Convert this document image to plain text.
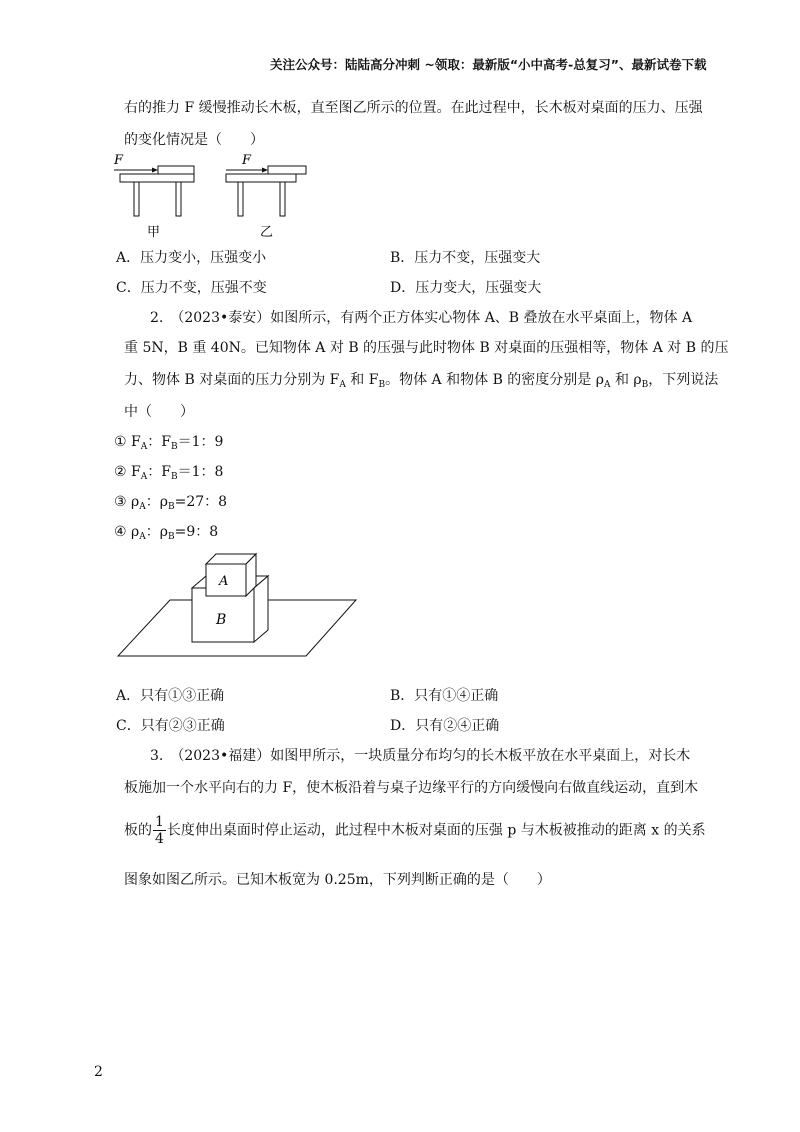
关注公众号：陆陆高分冲刺 ~领取：最新版“小中高考-总复习”、最新试卷下载
右的推力 F 缓慢推动长木板，直至图乙所示的位置。在此过程中，长木板对桌面的压力、压强
的变化情况是（　　）
F
甲
F
乙
A．压力变小，压强变小	B．压力不变，压强变大
C．压力不变，压强不变	D．压力变大，压强变大
2.　（2023•泰安）如图所示，有两个正方体实心物体 A、B 叠放在水平桌面上，物体 A
重 5N，B 重 40N。已知物体 A 对 B 的压强与此时物体 B 对桌面的压强相等，物体 A 对 B 的压
力、物体 B 对桌面的压力分别为 $F_A$ 和 $F_B$。物体 A 和物体 B 的密度分别是 $\rho_A$ 和 $\rho_B$，下列说法
中（　　）
① $F_A$：$F_B=1$：9
② $F_A$：$F_B=1$：8
③ $\rho_A$：$\rho_B=27$：8
④ $\rho_A$：$\rho_B=9$：8
B
A
A．只有①③正确	B．只有①④正确
C．只有②③正确	D．只有②④正确
3.　（2023•福建）如图甲所示，一块质量分布均匀的长木板平放在水平桌面上，对长木
板施加一个水平向右的力 F，使木板沿着与桌子边缘平行的方向缓慢向右做直线运动，直到木
板的 $\frac{1}{4}$ 长度伸出桌面时停止运动，此过程中木板对桌面的压强 p 与木板被推动的距离 x 的关系
图象如图乙所示。已知木板宽为 0.25m，下列判断正确的是（　　）
2
